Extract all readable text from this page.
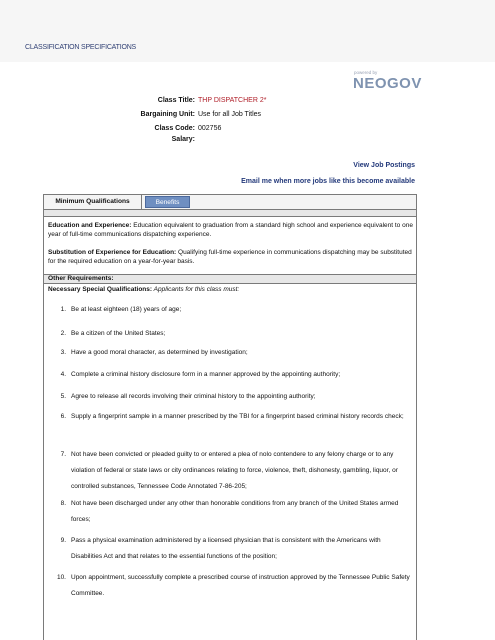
CLASSIFICATION SPECIFICATIONS
powered by
NEOGOV
Class Title: THP DISPATCHER 2*
Bargaining Unit: Use for all Job Titles
Class Code: 002756
Salary:
View Job Postings
Email me when more jobs like this become available
Minimum Qualifications	Benefits
Education and Experience: Education equivalent to graduation from a standard high school and experience equivalent to one year of full-time communications dispatching experience.
Substitution of Experience for Education: Qualifying full-time experience in communications dispatching may be substituted for the required education on a year-for-year basis.
Other Requirements:
Necessary Special Qualifications: Applicants for this class must:
1. Be at least eighteen (18) years of age;
2. Be a citizen of the United States;
3. Have a good moral character, as determined by investigation;
4. Complete a criminal history disclosure form in a manner approved by the appointing authority;
5. Agree to release all records involving their criminal history to the appointing authority;
6. Supply a fingerprint sample in a manner prescribed by the TBI for a fingerprint based criminal history records check;
7. Not have been convicted or pleaded guilty to or entered a plea of nolo contendere to any felony charge or to any violation of federal or state laws or city ordinances relating to force, violence, theft, dishonesty, gambling, liquor, or controlled substances, Tennessee Code Annotated 7-86-205;
8. Not have been discharged under any other than honorable conditions from any branch of the United States armed forces;
9. Pass a physical examination administered by a licensed physician that is consistent with the Americans with Disabilities Act and that relates to the essential functions of the position;
10. Upon appointment, successfully complete a prescribed course of instruction approved by the Tennessee Public Safety Committee.
